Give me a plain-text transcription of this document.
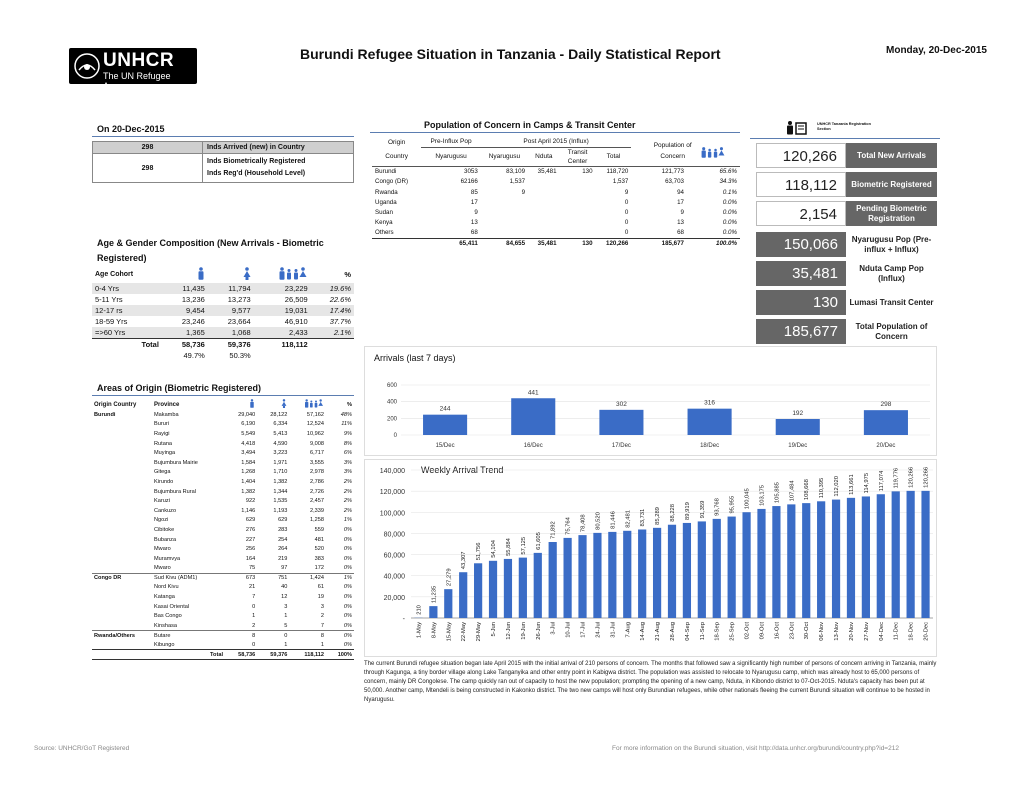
UNHCR
The UN Refugee Agency
Burundi Refugee Situation in Tanzania - Daily Statistical Report	Monday, 20-Dec-2015
On 20-Dec-2015
298	Inds Arrived (new) in Country
298	Inds Biometrically Registered
Inds Reg'd (Household Level)
Age & Gender Composition (New Arrivals - Biometric Registered)
Age Cohort				%
0-4 Yrs	11,435	11,794	23,229	19.6%
5-11 Yrs	13,236	13,273	26,509	22.6%
12-17 rs	9,454	9,577	19,031	17.4%
18-59 Yrs	23,246	23,664	46,910	37.7%
=>60 Yrs	1,365	1,068	2,433	2.1%
Total	58,736	59,376	118,112	
	49.7%	50.3%		
Areas of Origin (Biometric Registered)
Origin Country	Province				%
Burundi	Makamba	29,040	28,122	57,162	48%
	Bururi	6,190	6,334	12,524	11%
	Rayigi	5,549	5,413	10,962	9%
	Rutana	4,418	4,590	9,008	8%
	Muyinga	3,494	3,223	6,717	6%
	Bujumbura Mairie	1,584	1,971	3,555	3%
	Gitega	1,268	1,710	2,978	3%
	Kirundo	1,404	1,382	2,786	2%
	Bujumbura Rural	1,382	1,344	2,726	2%
	Karuzi	922	1,535	2,457	2%
	Cankuzo	1,146	1,193	2,339	2%
	Ngozi	629	629	1,258	1%
	Cibitoke	276	283	559	0%
	Bubanza	227	254	481	0%
	Mwaro	256	264	520	0%
	Muramvya	164	219	383	0%
	Mwaro	75	97	172	0%
Congo DR	Sud Kivu (ADM1)	673	751	1,424	1%
	Nord Kivu	21	40	61	0%
	Katanga	7	12	19	0%
	Kasai Oriental	0	3	3	0%
	Bas Congo	1	1	2	0%
	Kinshasa	2	5	7	0%
Rwanda/Others	Butare	8	0	8	0%
	Kibungo	0	1	1	0%
	Total	58,736	59,376	118,112	100%
Population of Concern in Camps & Transit Center
Origin	Pre-Influx Pop	Post April 2015 (Influx)				Population of Concern	
Country	Nyarugusu	Nyarugusu	Nduta	Transit Center	Total		
Burundi	3053	83,109	35,481	130	118,720	121,773	65.6%
Congo (DR)	62166	1,537			1,537	63,703	34.3%
Rwanda	85	9			9	94	0.1%
Uganda	17				0	17	0.0%
Sudan	9				0	9	0.0%
Kenya	13				0	13	0.0%
Others	68				0	68	0.0%
	65,411	84,655	35,481	130	120,266	185,677	100.0%
UNHCR Tanzania Registration Section
120,266	Total New Arrivals
118,112	Biometric Registered
2,154	Pending Biometric Registration
150,066	Nyarugusu Pop (Pre-influx + Influx)
35,481	Nduta Camp Pop (Influx)
130	Lumasi Transit Center
185,677	Total Population of Concern
Arrivals (last 7 days)
0
200
400
600
244
15/Dec
441
16/Dec
302
17/Dec
316
18/Dec
192
19/Dec
298
20/Dec
Weekly Arrival Trend
-
20,000
40,000
60,000
80,000
100,000
120,000
140,000
210
1-May
11,235
8-May
27,279
15-May
43,307
22-May
51,756
29-May
54,104
5-Jun
55,884
12-Jun
57,125
19-Jun
61,605
26-Jun
71,892
3-Jul
75,764
10-Jul
78,408
17-Jul
80,520
24-Jul
81,446
31-Jul
82,481
7-Aug
83,731
14-Aug
85,289
21-Aug
88,228
28-Aug
89,919
04-Sep
91,359
11-Sep
93,768
18-Sep
95,955
25-Sep
100,045
02-Oct
103,175
09-Oct
105,885
16-Oct
107,484
23-Oct
108,668
30-Oct
110,395
06-Nov
112,020
13-Nov
113,661
20-Nov
114,975
27-Nov
117,074
04-Dec
119,776
11-Dec
120,266
18-Dec
120,266
20-Dec
The current Burundi refugee situation began late April 2015 with the initial arrival of 210 persons of concern. The months that followed saw a significantly high number of persons of concern arriving in Tanzania, mainly through Kagunga, a tiny border village along Lake Tanganyika and other entry point in Kabigwa district. The population was assisted to relocate to Nyarugusu camp, which was already host to 65,000 persons of concern, mainly DR Congolese. The camp quickly ran out of capacity to host the new population; prompting the opening of a new camp, Nduta, in Kibondo district to 07-Oct-2015. Nduta's capacity has been put at 50,000. Another camp, Mtendeli is being constructed in Kakonko district. The two new camps will host only Burundian refugees, while other nationals fleeing the current Burundi situation will continue to be hosted in Nyarugusu.
Source: UNHCR/GoT Registered	For more information on the Burundi situation, visit http://data.unhcr.org/burundi/country.php?id=212
